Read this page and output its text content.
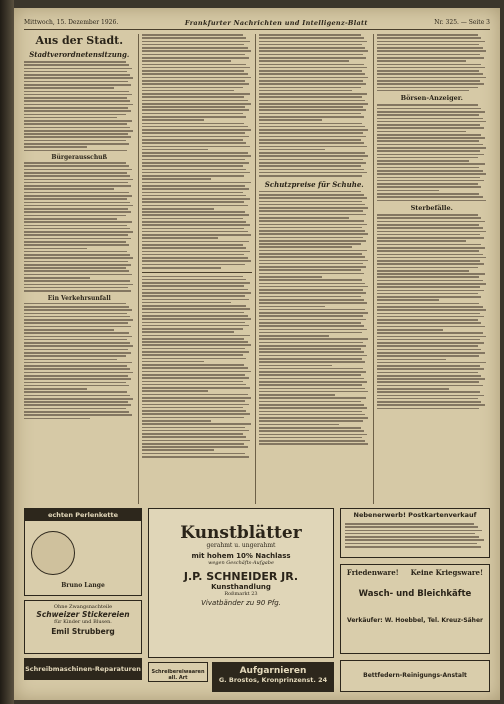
Mittwoch, 15. Dezember 1926.	Frankfurter Nachrichten und Intelligenz-Blatt	Nr. 325. — Seite 3
Aus der Stadt.
Stadtverordnetensitzung.
Bürgerausschuß
Ein Verkehrsunfall
Schutzpreise für Schuhe.
Börsen-Anzeiger.
Sterbefälle.
echten Perlenkette
Bruno Lange
Ohne Zwangsnachteile
Schweizer Stickereien
für Kinder und Blusen.
Emil Strubberg
Schreibmaschinen-Reparaturen
Kunstblätter
gerahmt u. ungerahmt
mit hohem 10% Nachlass
wegen Geschäfts-Aufgabe
J.P. SCHNEIDER JR.
Kunsthandlung
Roßmarkt 23
Vivatbänder zu 90 Pfg.
Schreibereiwaaren all. Art
Aufgarnieren
G. Brostos, Kronprinzenst. 24
Nebenerwerb! Postkartenverkauf
Friedenware! Keine Kriegsware!
Wasch- und Bleichkäfte
Verkäufer: W. Hoebbel, Tel. Kreuz-Säher
Bettfedern-Reinigungs-Anstalt
